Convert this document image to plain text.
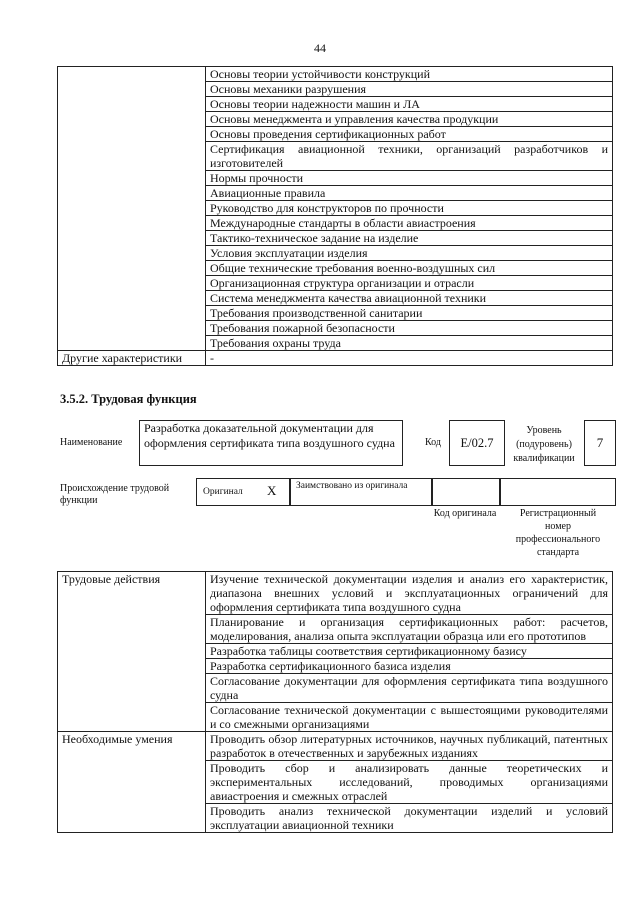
44
	Основы теории устойчивости конструкций
	Основы механики разрушения
	Основы теории надежности машин и ЛА
	Основы менеджмента и управления качества продукции
	Основы проведения сертификационных работ
	Сертификация авиационной техники, организаций разработчиков и изготовителей
	Нормы прочности
	Авиационные правила
	Руководство для конструкторов по прочности
	Международные стандарты в области авиастроения
	Тактико-техническое задание на изделие
	Условия эксплуатации изделия
	Общие технические требования военно-воздушных сил
	Организационная структура организации и отрасли
	Система менеджмента качества авиационной техники
	Требования производственной санитарии
	Требования пожарной безопасности
	Требования охраны труда
Другие характеристики	-
3.5.2. Трудовая функция
Наименование
Разработка доказательной документации для оформления сертификата типа воздушного судна	Код	E/02.7
Уровень (подуровень) квалификации
7
Происхождение трудовой функции
Оригинал X Заимствовано из оригинала
Код оригинала	Регистрационный номер профессионального стандарта
Трудовые действия	Изучение технической документации изделия и анализ его характеристик, диапазона внешних условий и эксплуатационных ограничений для оформления сертификата типа воздушного судна
	Планирование и организация сертификационных работ: расчетов, моделирования, анализа опыта эксплуатации образца или его прототипов
	Разработка таблицы соответствия сертификационному базису
	Разработка сертификационного базиса изделия
	Согласование документации для оформления сертификата типа воздушного судна
	Согласование технической документации с вышестоящими руководителями и со смежными организациями
Необходимые умения	Проводить обзор литературных источников, научных публикаций, патентных разработок в отечественных и зарубежных изданиях
	Проводить сбор и анализировать данные теоретических и экспериментальных исследований, проводимых организациями авиастроения и смежных отраслей
	Проводить анализ технической документации изделий и условий эксплуатации авиационной техники
